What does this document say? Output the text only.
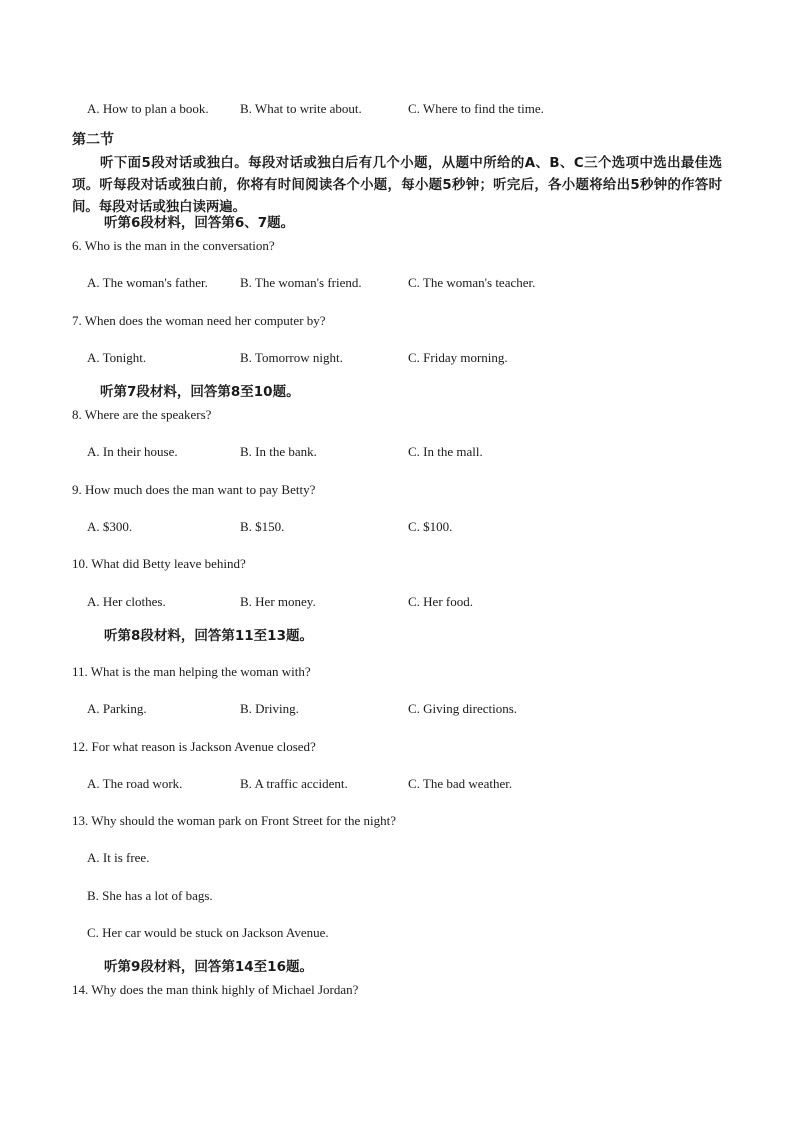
A. How to plan a book. B. What to write about.	C. Where to find the time.
第二节
听下面5段对话或独白。每段对话或独白后有几个小题，从题中所给的A、B、C三个选项中选出最佳选项。听每段对话或独白前，你将有时间阅读各个小题，每小题5秒钟；听完后，各小题将给出5秒钟的作答时间。每段对话或独白读两遍。
听第6段材料，回答第6、7题。
6. Who is the man in the conversation?
A. The woman's father. B. The woman's friend.	C. The woman's teacher.
7. When does the woman need her computer by?
A. Tonight.	B. Tomorrow night.	C. Friday morning.
听第7段材料，回答第8至10题。
8. Where are the speakers?
A. In their house.	B. In the bank.	C. In the mall.
9. How much does the man want to pay Betty?
A. $300.	B. $150.	C. $100.
10. What did Betty leave behind?
A. Her clothes.	B. Her money.	C. Her food.
听第8段材料，回答第11至13题。
11. What is the man helping the woman with?
A. Parking.	B. Driving.	C. Giving directions.
12. For what reason is Jackson Avenue closed?
A. The road work.	B. A traffic accident.	C. The bad weather.
13. Why should the woman park on Front Street for the night?
A. It is free.
B. She has a lot of bags.
C. Her car would be stuck on Jackson Avenue.
听第9段材料，回答第14至16题。
14. Why does the man think highly of Michael Jordan?
